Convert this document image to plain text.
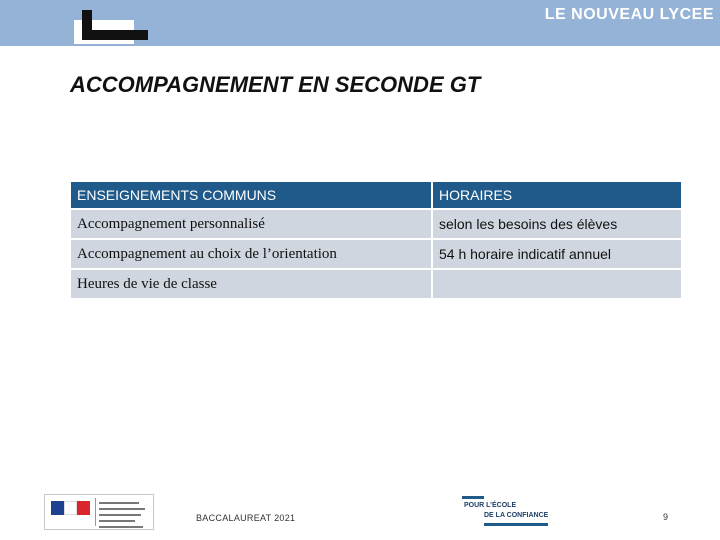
LE NOUVEAU LYCEE
ACCOMPAGNEMENT EN SECONDE GT
ENSEIGNEMENTS COMMUNS	HORAIRES
Accompagnement personnalisé	selon les besoins des élèves
Accompagnement au choix de l’orientation	54 h horaire indicatif annuel
Heures de vie de classe	
BACCALAUREAT 2021
POUR L’ÉCOLE
DE LA CONFIANCE	9
